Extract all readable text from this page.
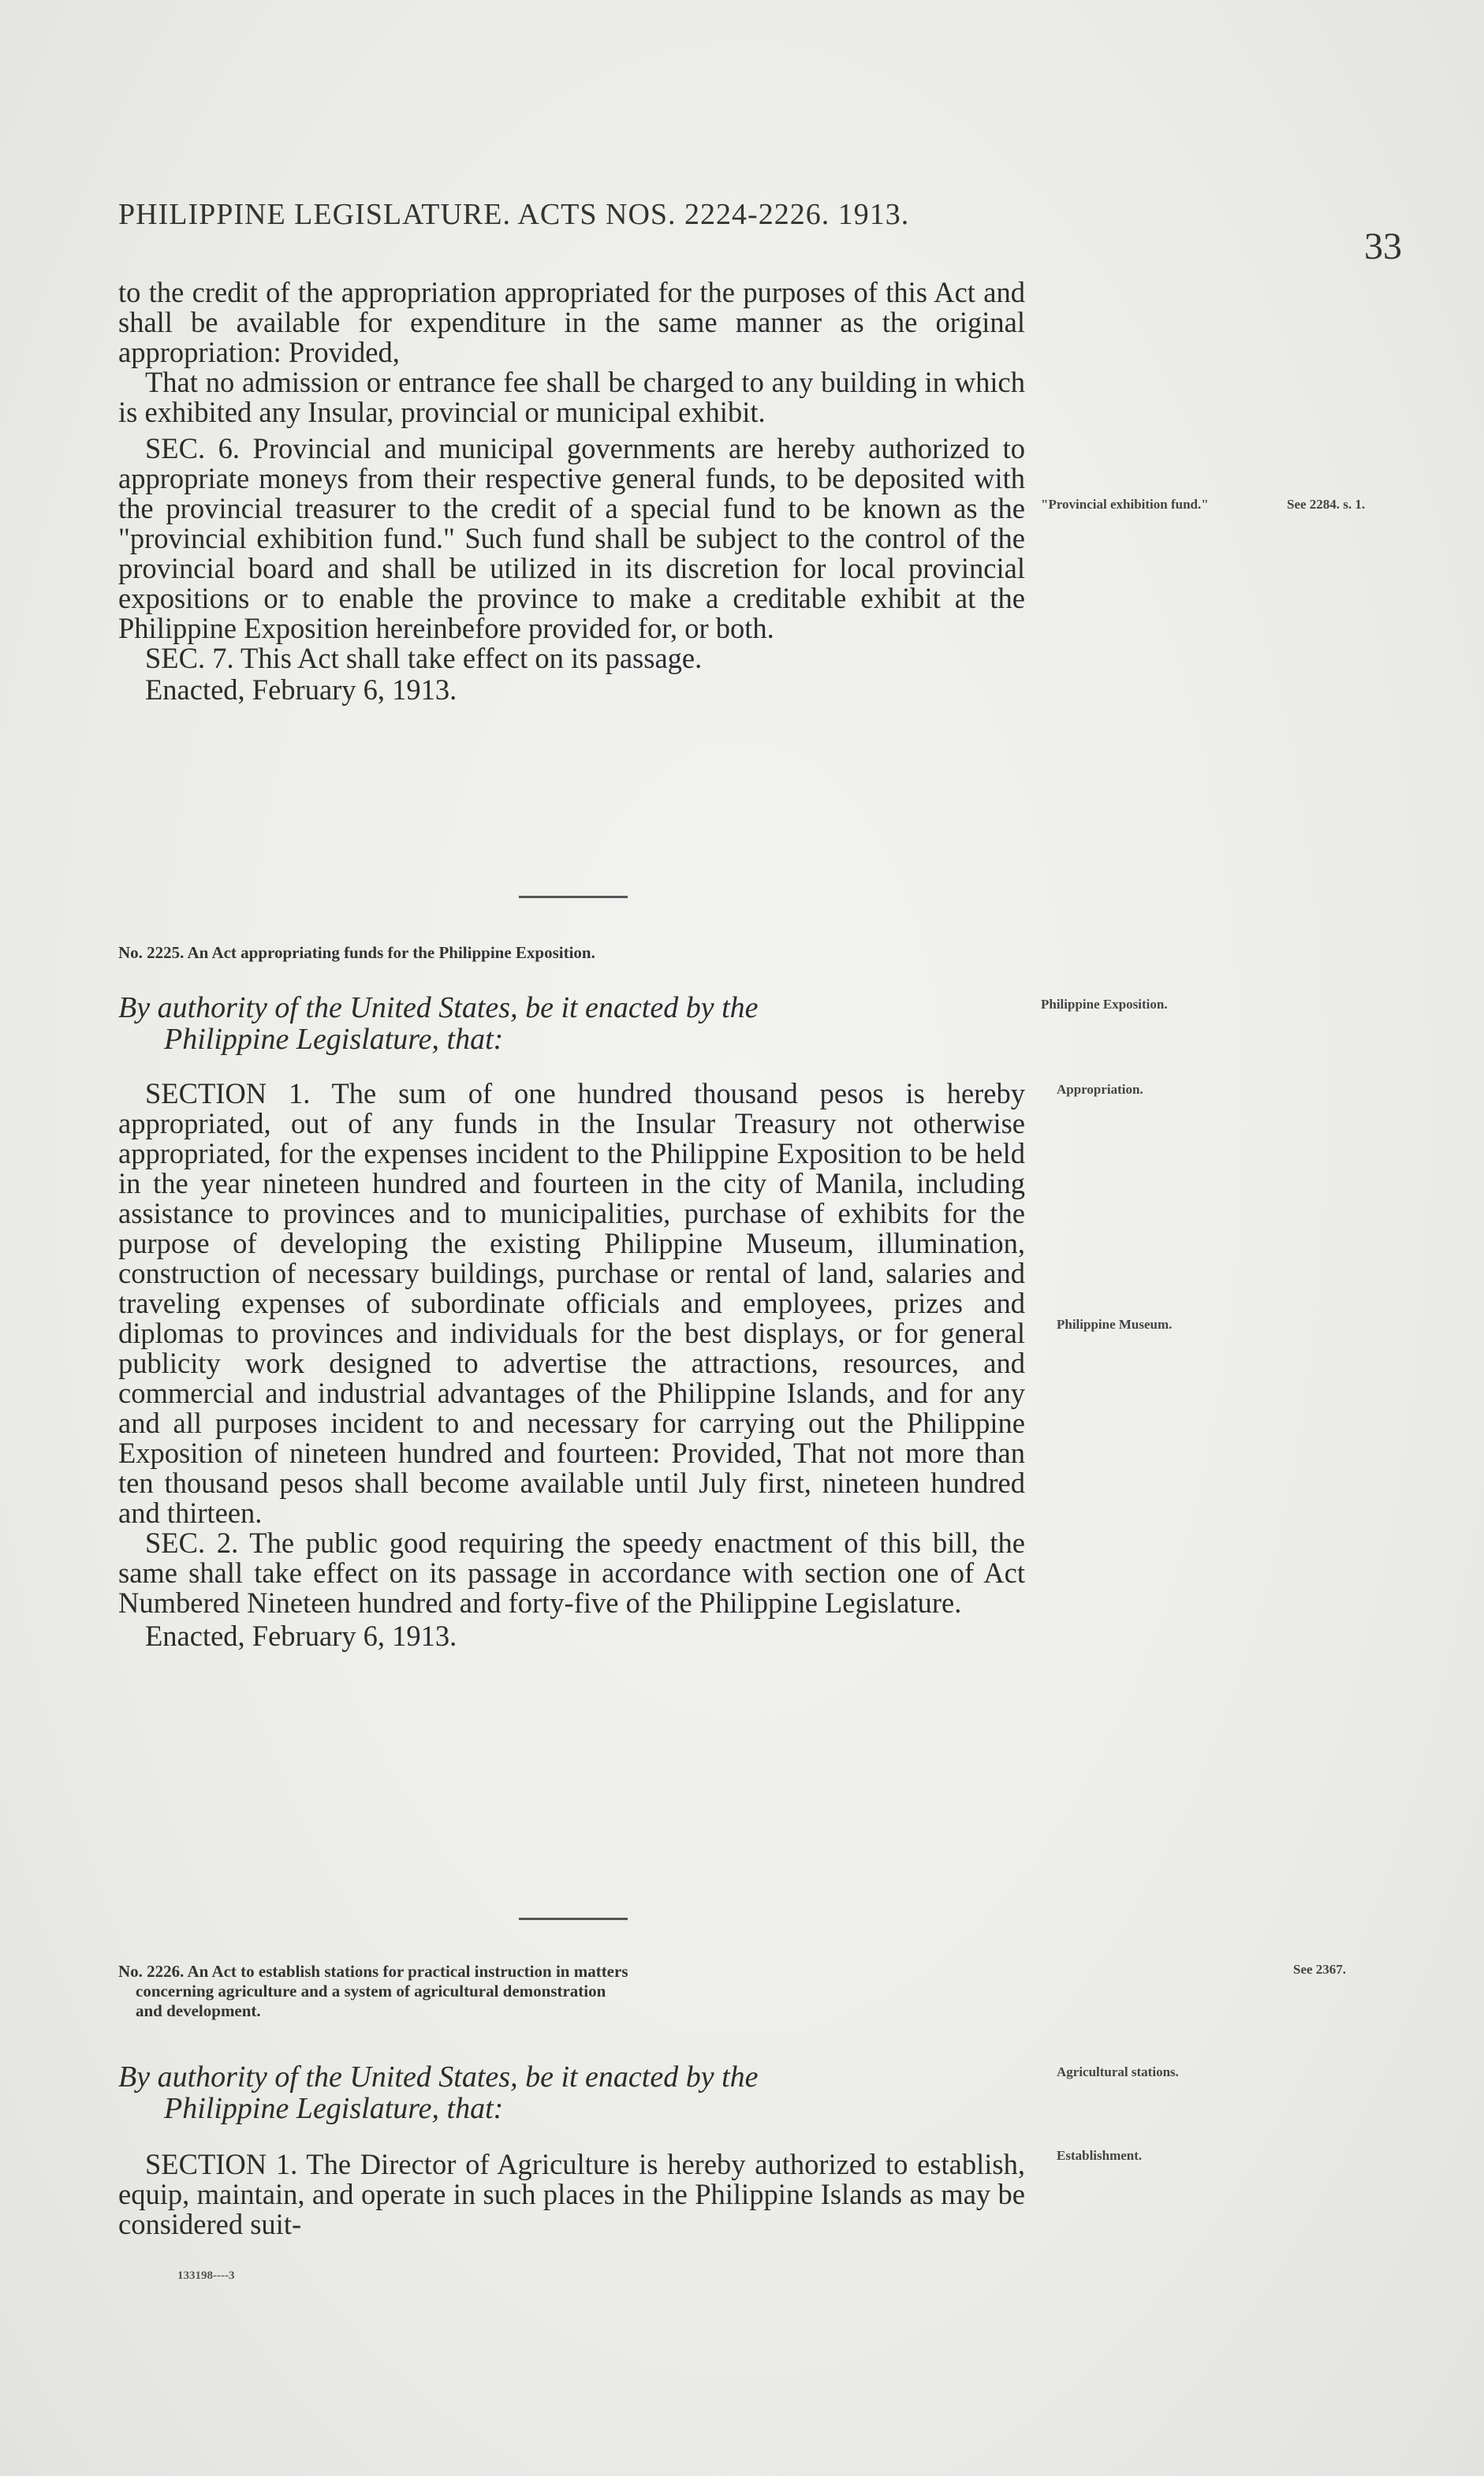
PHILIPPINE LEGISLATURE. ACTS NOS. 2224-2226. 1913.
33

to the credit of the appropriation appropriated for the purposes of this Act and shall be available for expenditure in the same manner as the original appropriation: Provided,

That no admission or entrance fee shall be charged to any building in which is exhibited any Insular, provincial or municipal exhibit.

SEC. 6. Provincial and municipal governments are hereby authorized to appropriate moneys from their respective general funds, to be deposited with the provincial treasurer to the credit of a special fund to be known as the "provincial exhibition fund." Such fund shall be subject to the control of the provincial board and shall be utilized in its discretion for local provincial expositions or to enable the province to make a creditable exhibit at the Philippine Exposition hereinbefore provided for, or both.

SEC. 7. This Act shall take effect on its passage.

Enacted, February 6, 1913.

"Provincial exhibition fund."	See 2284. s. 1.
No. 2225. An Act appropriating funds for the Philippine Exposition.
By authority of the United States, be it enacted by the
Philippine Legislature, that:
Philippine Exposition.

SECTION 1. The sum of one hundred thousand pesos is hereby appropriated, out of any funds in the Insular Treasury not otherwise appropriated, for the expenses incident to the Philippine Exposition to be held in the year nineteen hundred and fourteen in the city of Manila, including assistance to provinces and to municipalities, purchase of exhibits for the purpose of developing the existing Philippine Museum, illumination, construction of necessary buildings, purchase or rental of land, salaries and traveling expenses of subordinate officials and employees, prizes and diplomas to provinces and individuals for the best displays, or for general publicity work designed to advertise the attractions, resources, and commercial and industrial advantages of the Philippine Islands, and for any and all purposes incident to and necessary for carrying out the Philippine Exposition of nineteen hundred and fourteen: Provided, That not more than ten thousand pesos shall become available until July first, nineteen hundred and thirteen.

SEC. 2. The public good requiring the speedy enactment of this bill, the same shall take effect on its passage in accordance with section one of Act Numbered Nineteen hundred and forty-five of the Philippine Legislature.

Enacted, February 6, 1913.

Appropriation.
Philippine Museum.
No. 2226. An Act to establish stations for practical instruction in matters
concerning agriculture and a system of agricultural demonstration
and development.
See 2367.
By authority of the United States, be it enacted by the
Philippine Legislature, that:
Agricultural stations.

SECTION 1. The Director of Agriculture is hereby authorized to establish, equip, maintain, and operate in such places in the Philippine Islands as may be considered suit-

Establishment.
133198----3
